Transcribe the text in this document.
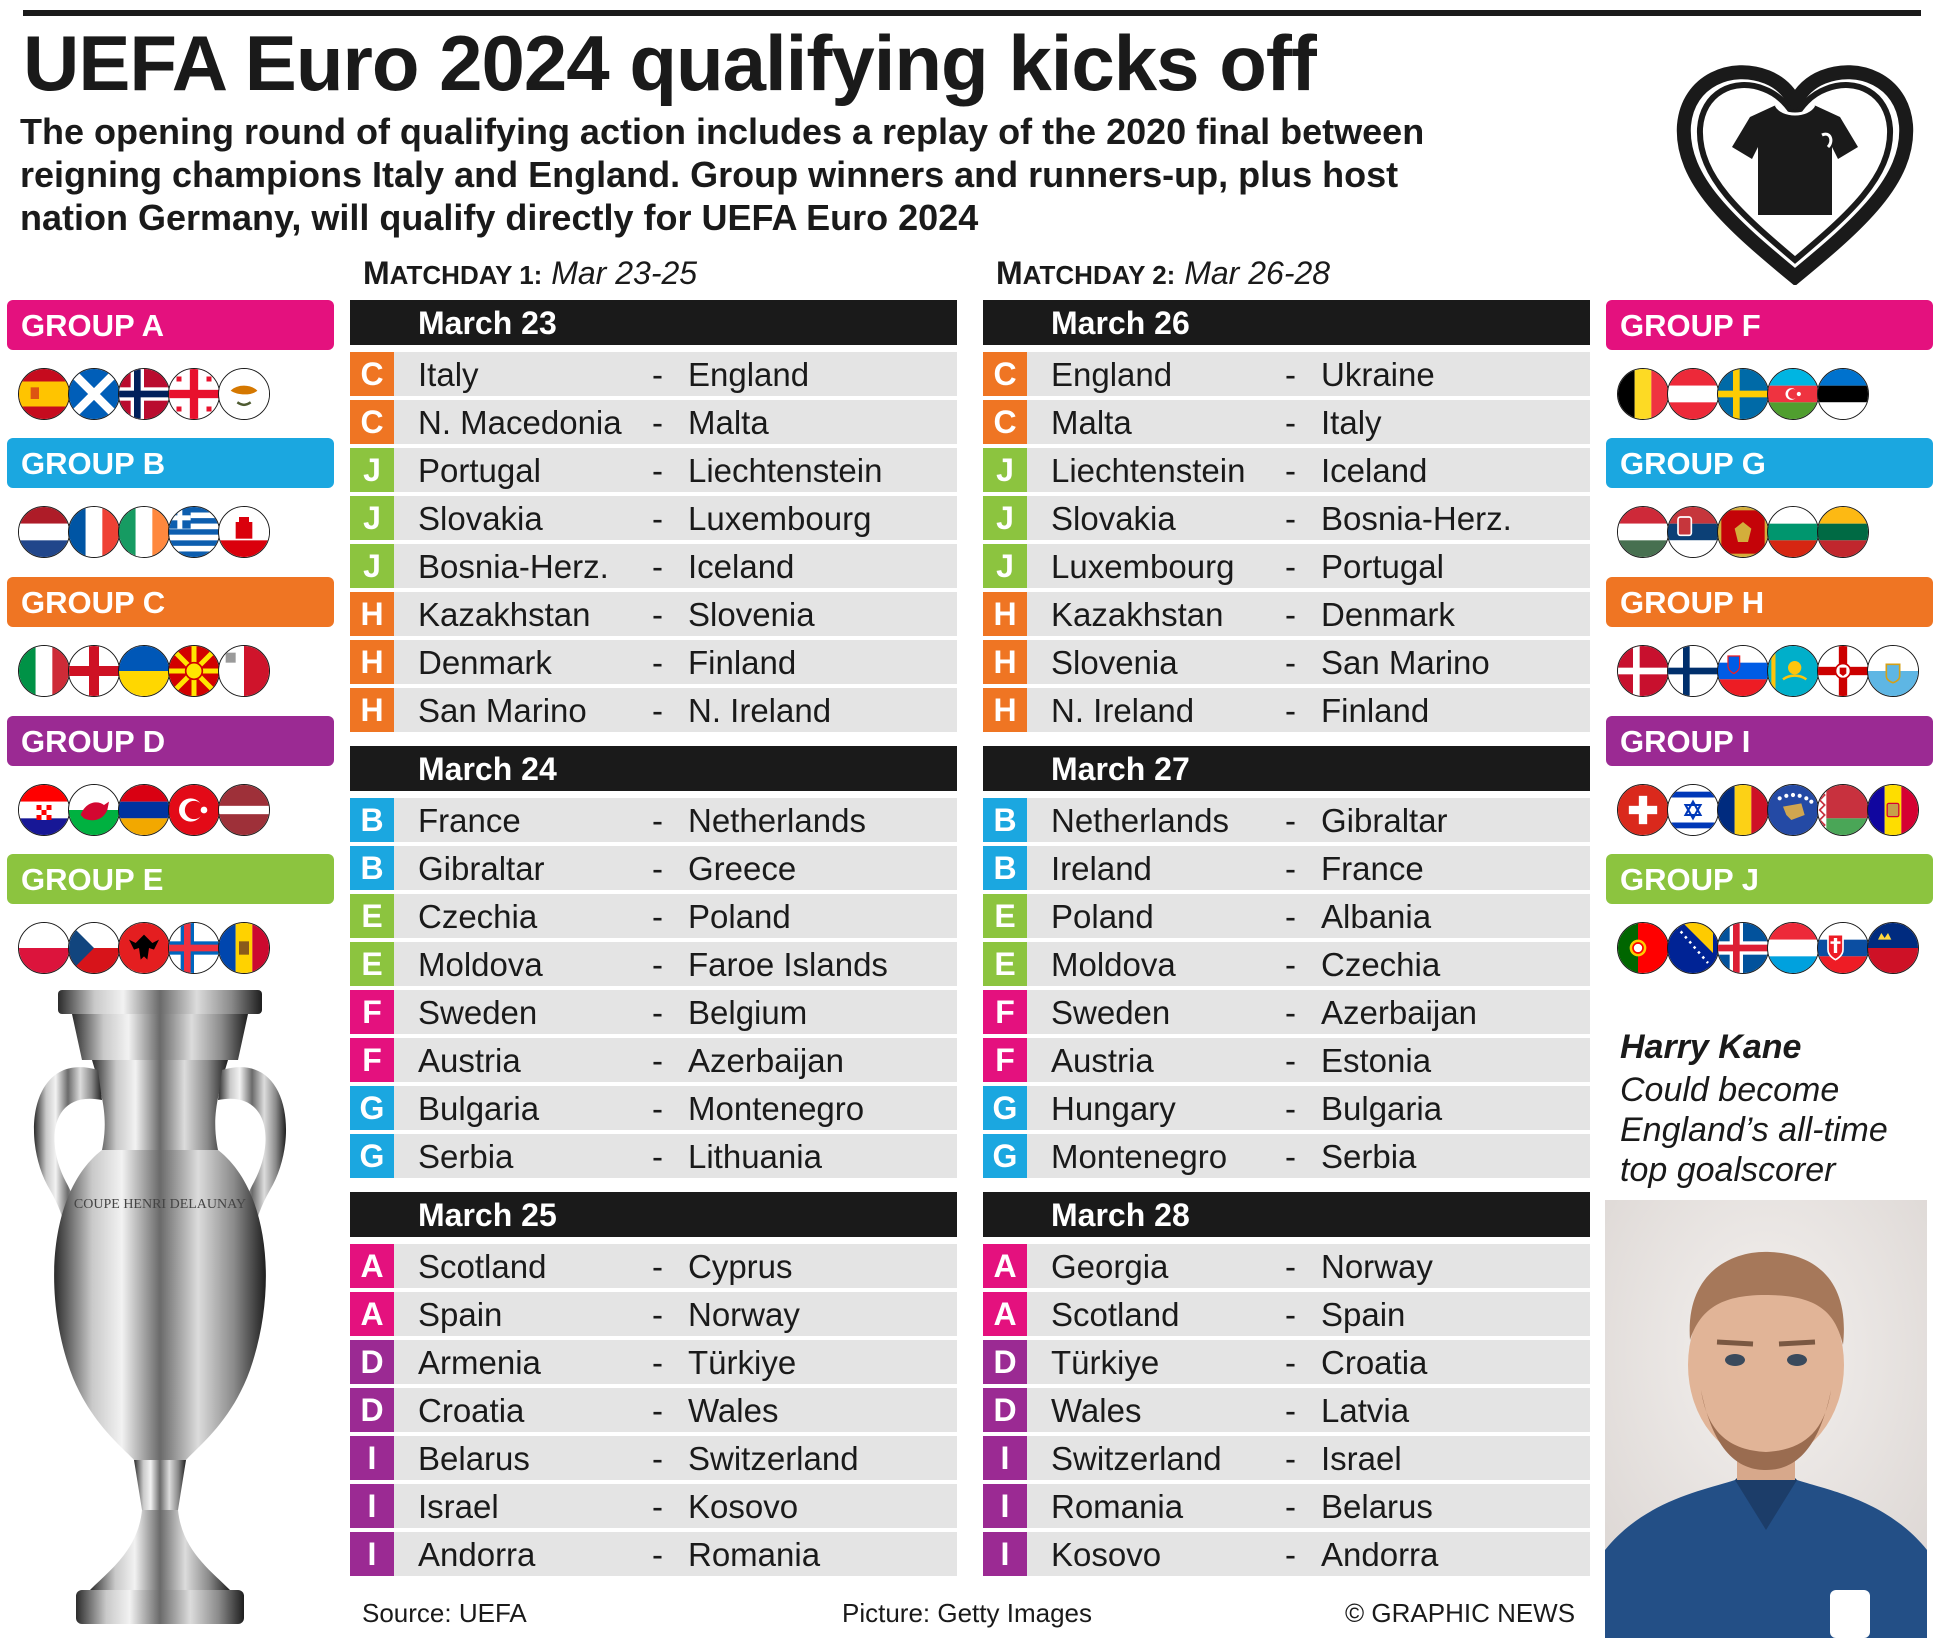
UEFA Euro 2024 qualifying kicks off
The opening round of qualifying action includes a replay of the 2020 final between reigning champions Italy and England. Group winners and runners-up, plus host nation Germany, will qualify directly for UEFA Euro 2024
MATCHDAY 1: Mar 23-25	MATCHDAY 2: Mar 26-28
March 23
C	Italy	- England
C	N. Macedonia - Malta
J	Portugal	- Liechtenstein
J	Slovakia	- Luxembourg
J	Bosnia-Herz. - Iceland
H	Kazakhstan - Slovenia
H	Denmark	- Finland
H	San Marino - N. Ireland
March 24
B	France	- Netherlands
B	Gibraltar	- Greece
E	Czechia	- Poland
E	Moldova	- Faroe Islands
F	Sweden	- Belgium
F	Austria	- Azerbaijan
G Bulgaria	- Montenegro
G Serbia	- Lithuania
March 25
A	Scotland	- Cyprus
A	Spain	- Norway
D	Armenia	- Türkiye
D	Croatia	- Wales
I	Belarus	- Switzerland
I	Israel	- Kosovo
I	Andorra	- Romania
March 26
C	England	- Ukraine
C	Malta	- Italy
J	Liechtenstein - Iceland
J	Slovakia	- Bosnia-Herz.
J	Luxembourg - Portugal
H	Kazakhstan - Denmark
H	Slovenia	- San Marino
H	N. Ireland	- Finland
March 27
B	Netherlands - Gibraltar
B	Ireland	- France
E	Poland	- Albania
E	Moldova	- Czechia
F	Sweden	- Azerbaijan
F	Austria	- Estonia
G Hungary	- Bulgaria
G Montenegro - Serbia
March 28
A	Georgia	- Norway
A	Scotland	- Spain
D	Türkiye	- Croatia
D	Wales	- Latvia
I	Switzerland - Israel
I	Romania	- Belarus
I	Kosovo	- Andorra
GROUP A
GROUP B
GROUP C
GROUP D
GROUP E
GROUP F
GROUP G
GROUP H
GROUP I
GROUP J
COUPE HENRI DELAUNAY
Harry Kane
Could become England’s all-time top goalscorer
Source: UEFA	Picture: Getty Images	© GRAPHIC NEWS
